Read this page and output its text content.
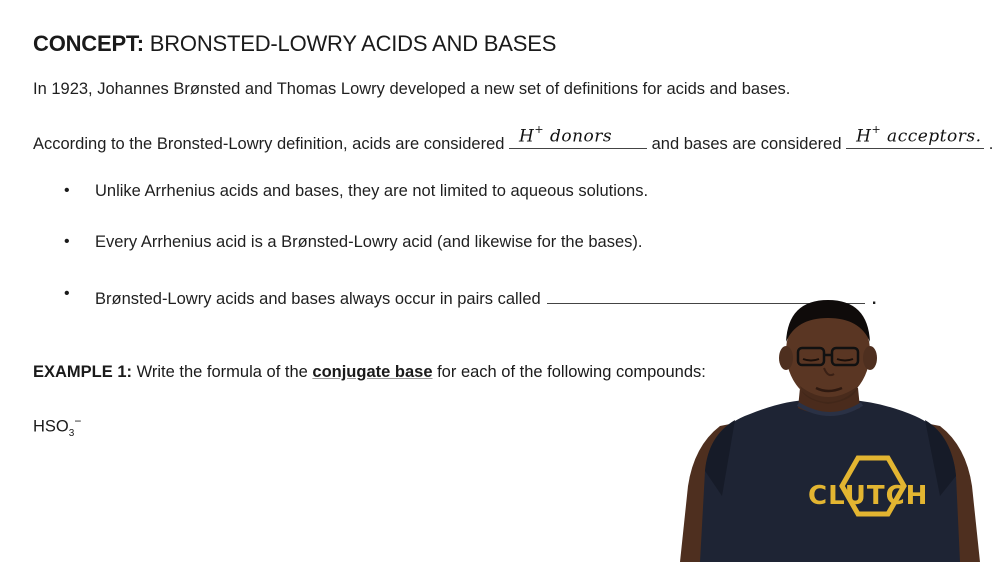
CONCEPT: BRONSTED-LOWRY ACIDS AND BASES
In 1923, Johannes Brønsted and Thomas Lowry developed a new set of definitions for acids and bases.
According to the Bronsted-Lowry definition, acids are considered H+ donors and bases are considered H+ acceptors. .
• Unlike Arrhenius acids and bases, they are not limited to aqueous solutions.
• Every Arrhenius acid is a Brønsted-Lowry acid (and likewise for the bases).
• Brønsted-Lowry acids and bases always occur in pairs called	.
EXAMPLE 1: Write the formula of the conjugate base for each of the following compounds:
$HSO_3^-$
CLUTCH
